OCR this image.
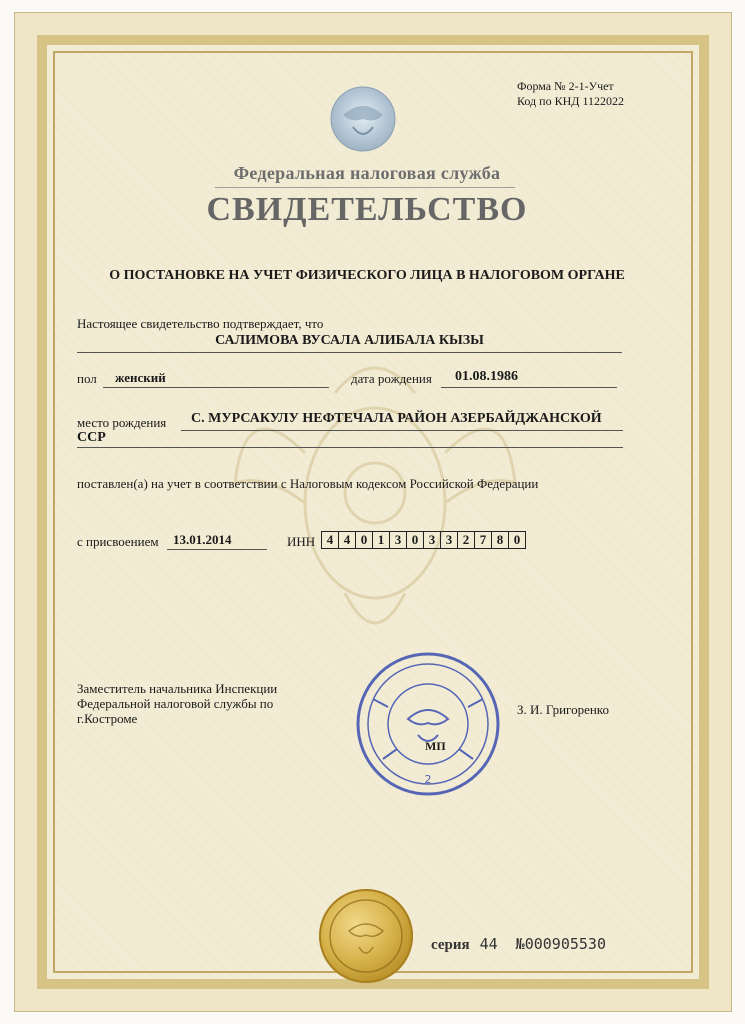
Форма № 2-1-Учет
Код по КНД 1122022
Федеральная налоговая служба
СВИДЕТЕЛЬСТВО
О ПОСТАНОВКЕ НА УЧЕТ ФИЗИЧЕСКОГО ЛИЦА В НАЛОГОВОМ ОРГАНЕ
Настоящее свидетельство подтверждает, что
САЛИМОВА ВУСАЛА АЛИБАЛА КЫЗЫ
пол женский	дата рождения 01.08.1986
место рождения С. МУРСАКУЛУ НЕФТЕЧАЛА РАЙОН АЗЕРБАЙДЖАНСКОЙ
ССР
поставлен(а) на учет в соответствии с Налоговым кодексом Российской Федерации
с присвоением 13.01.2014	ИНН 4 4 0 1 3 0 3 3 2 7 8 0
Заместитель начальника Инспекции
Федеральной налоговой службы по
г.Костроме
2
МП
З. И. Григоренко
серия 44 №000905530
